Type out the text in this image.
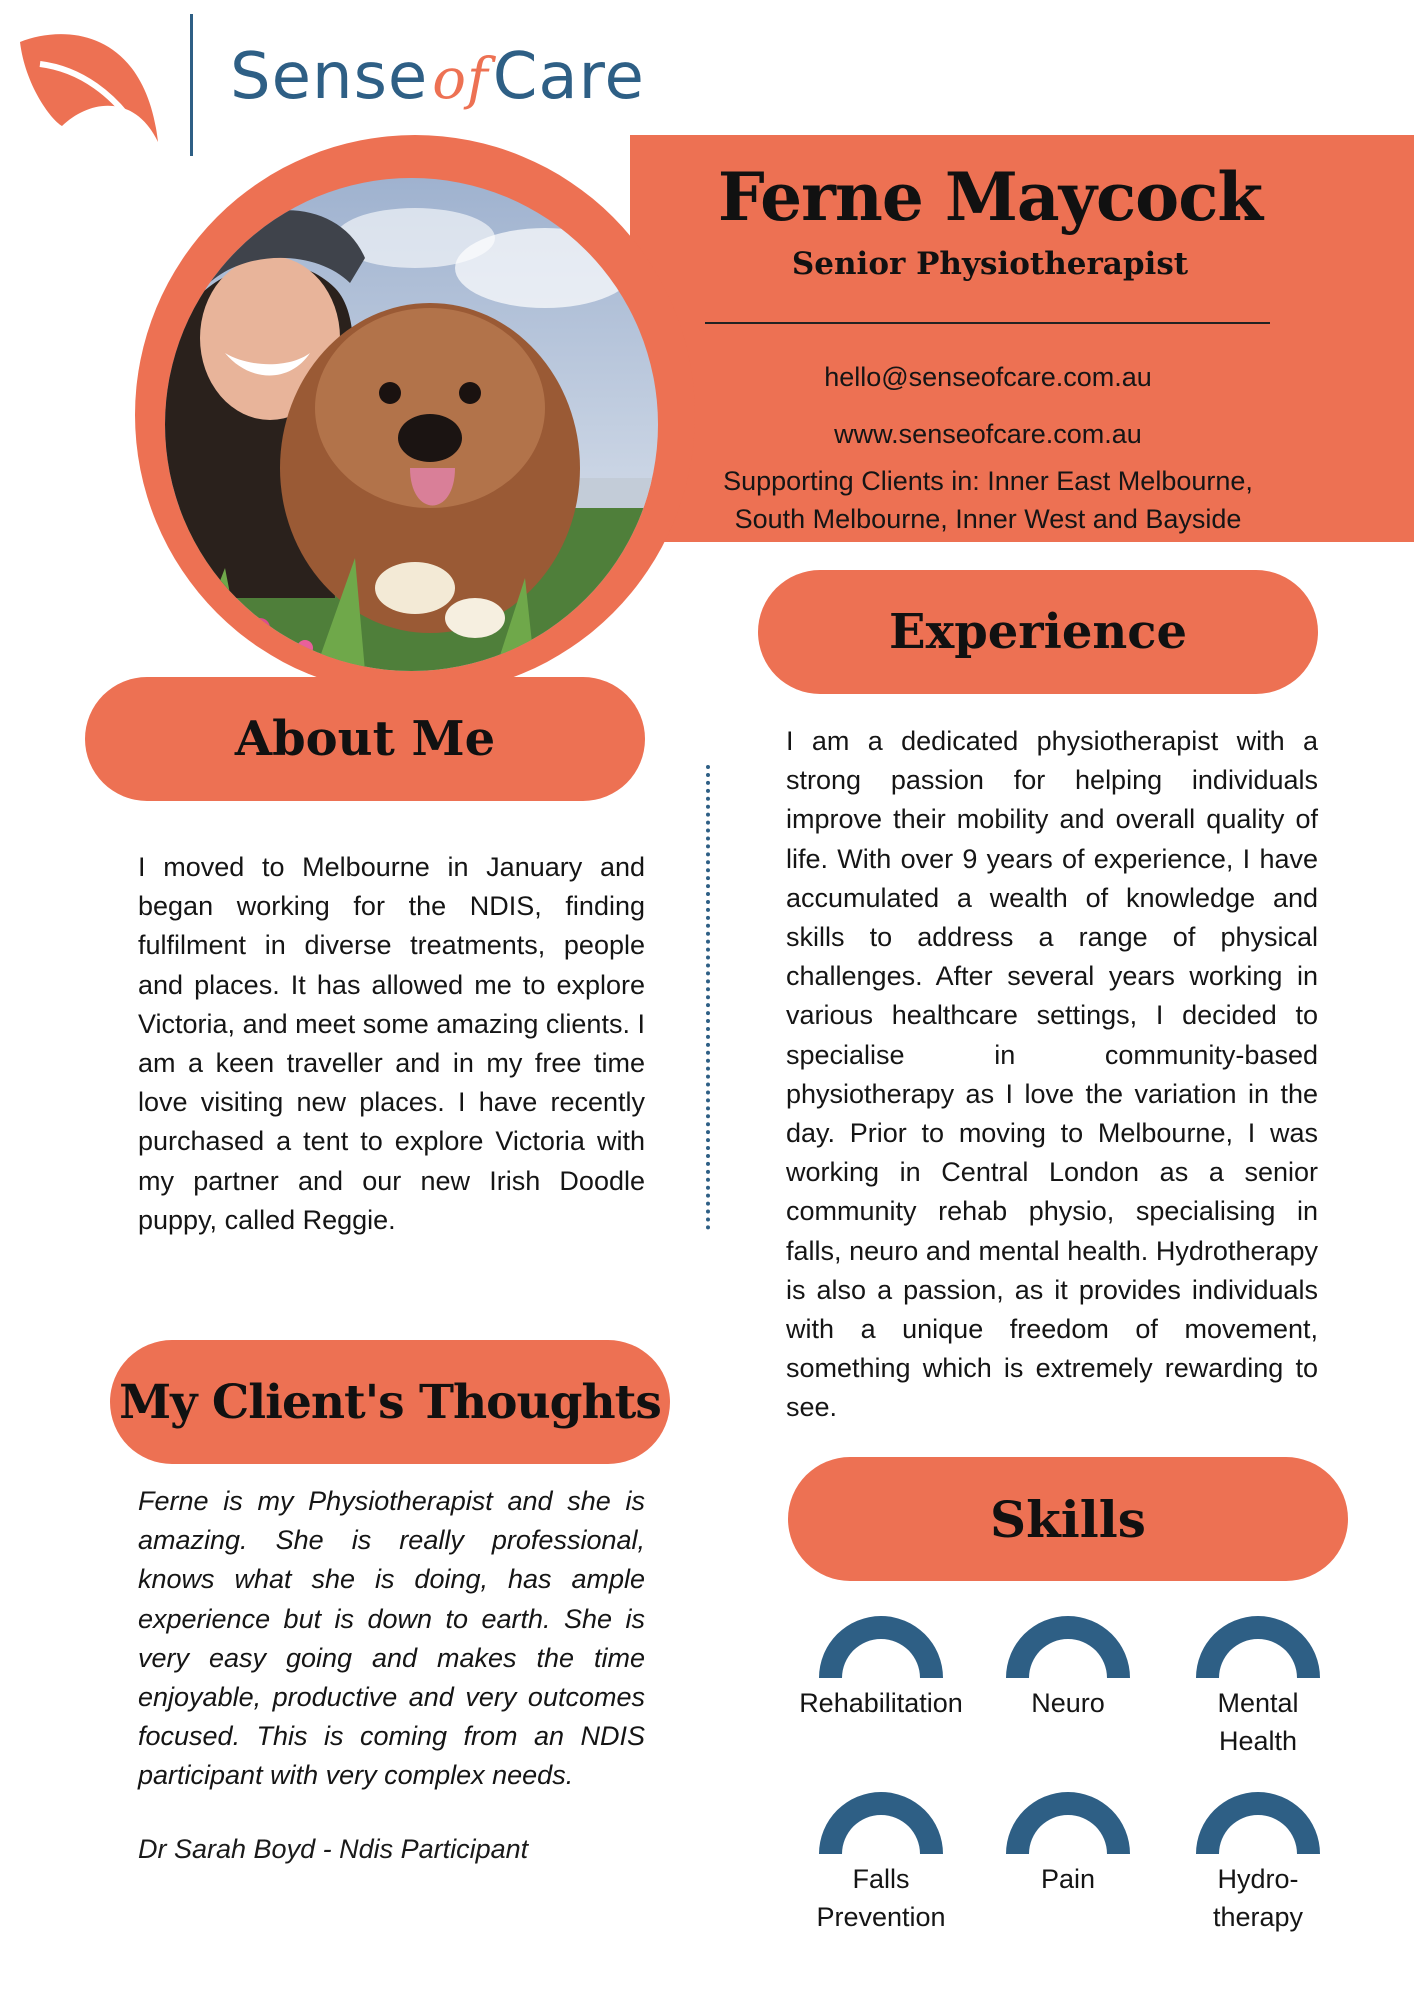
SenseofCare
Ferne Maycock
Senior Physiotherapist
hello@senseofcare.com.au
www.senseofcare.com.au
Supporting Clients in: Inner East Melbourne,
South Melbourne, Inner West and Bayside
About Me
I moved to Melbourne in January and began working for the NDIS, finding fulfilment in diverse treatments, people and places. It has allowed me to explore Victoria, and meet some amazing clients. I am a keen traveller and in my free time love visiting new places. I have recently purchased a tent to explore Victoria with my partner and our new Irish Doodle puppy, called Reggie.
My Client's Thoughts
Ferne is my Physiotherapist and she is amazing. She is really professional, knows what she is doing, has ample experience but is down to earth. She is very easy going and makes the time enjoyable, productive and very outcomes focused. This is coming from an NDIS participant with very complex needs.
Dr Sarah Boyd - Ndis Participant
Experience
I am a dedicated physiotherapist with a strong passion for helping individuals improve their mobility and overall quality of life. With over 9 years of experience, I have accumulated a wealth of knowledge and skills to address a range of physical challenges. After several years working in various healthcare settings, I decided to specialise in community-based physiotherapy as I love the variation in the day. Prior to moving to Melbourne, I was working in Central London as a senior community rehab physio, specialising in falls, neuro and mental health. Hydrotherapy is also a passion, as it provides individuals with a unique freedom of movement, something which is extremely rewarding to see.
Skills
Rehabilitation	Neuro	Mental
Health
Falls
Prevention
Pain	Hydro-
therapy
